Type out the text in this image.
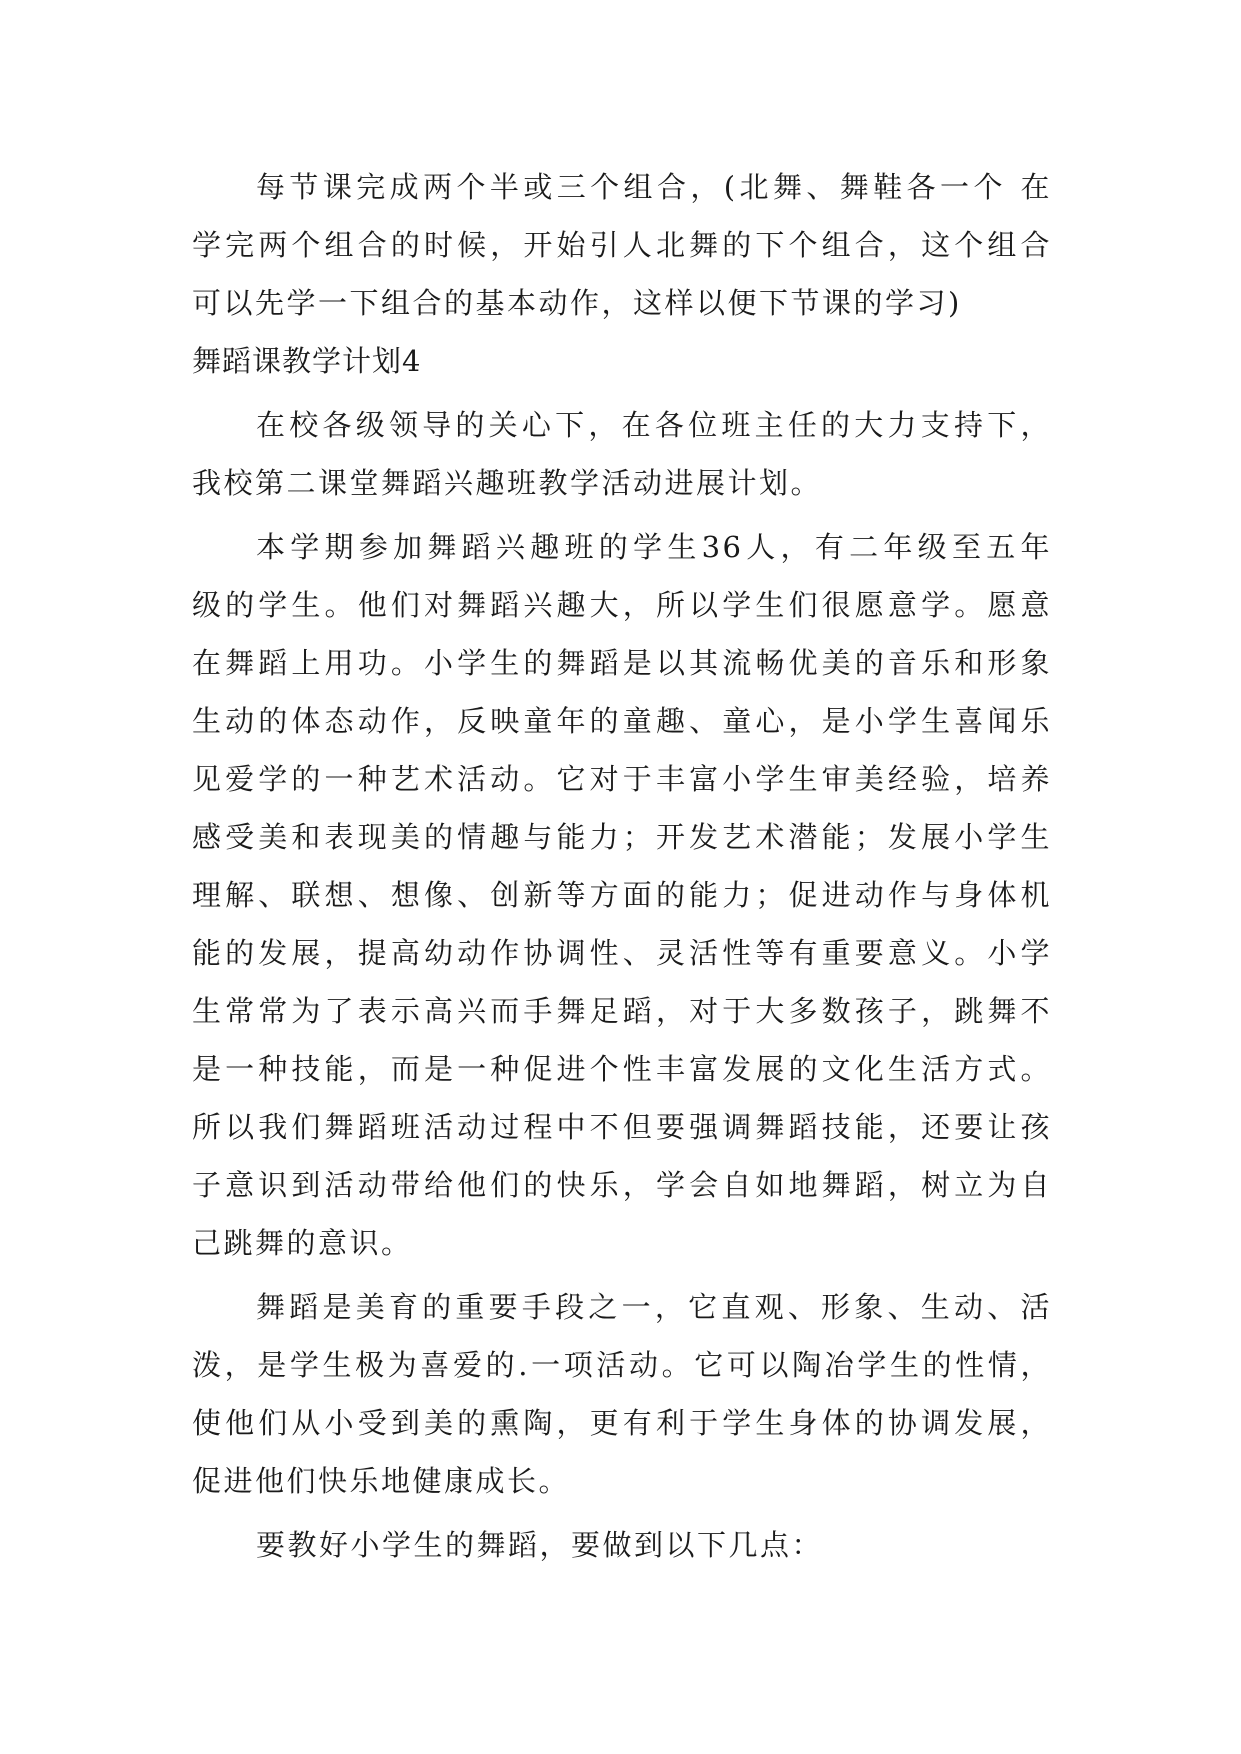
每节课完成两个半或三个组合，(北舞、舞鞋各一个 在
学完两个组合的时候，开始引人北舞的下个组合，这个组合
可以先学一下组合的基本动作，这样以便下节课的学习)
舞蹈课教学计划4
在校各级领导的关心下，在各位班主任的大力支持下，
我校第二课堂舞蹈兴趣班教学活动进展计划。
本学期参加舞蹈兴趣班的学生36人，有二年级至五年
级的学生。他们对舞蹈兴趣大，所以学生们很愿意学。愿意
在舞蹈上用功。小学生的舞蹈是以其流畅优美的音乐和形象
生动的体态动作，反映童年的童趣、童心，是小学生喜闻乐
见爱学的一种艺术活动。它对于丰富小学生审美经验，培养
感受美和表现美的情趣与能力；开发艺术潜能；发展小学生
理解、联想、想像、创新等方面的能力；促进动作与身体机
能的发展，提高幼动作协调性、灵活性等有重要意义。小学
生常常为了表示高兴而手舞足蹈，对于大多数孩子，跳舞不
是一种技能，而是一种促进个性丰富发展的文化生活方式。
所以我们舞蹈班活动过程中不但要强调舞蹈技能，还要让孩
子意识到活动带给他们的快乐，学会自如地舞蹈，树立为自
己跳舞的意识。
舞蹈是美育的重要手段之一，它直观、形象、生动、活
泼，是学生极为喜爱的.一项活动。它可以陶冶学生的性情，
使他们从小受到美的熏陶，更有利于学生身体的协调发展，
促进他们快乐地健康成长。
要教好小学生的舞蹈，要做到以下几点：
